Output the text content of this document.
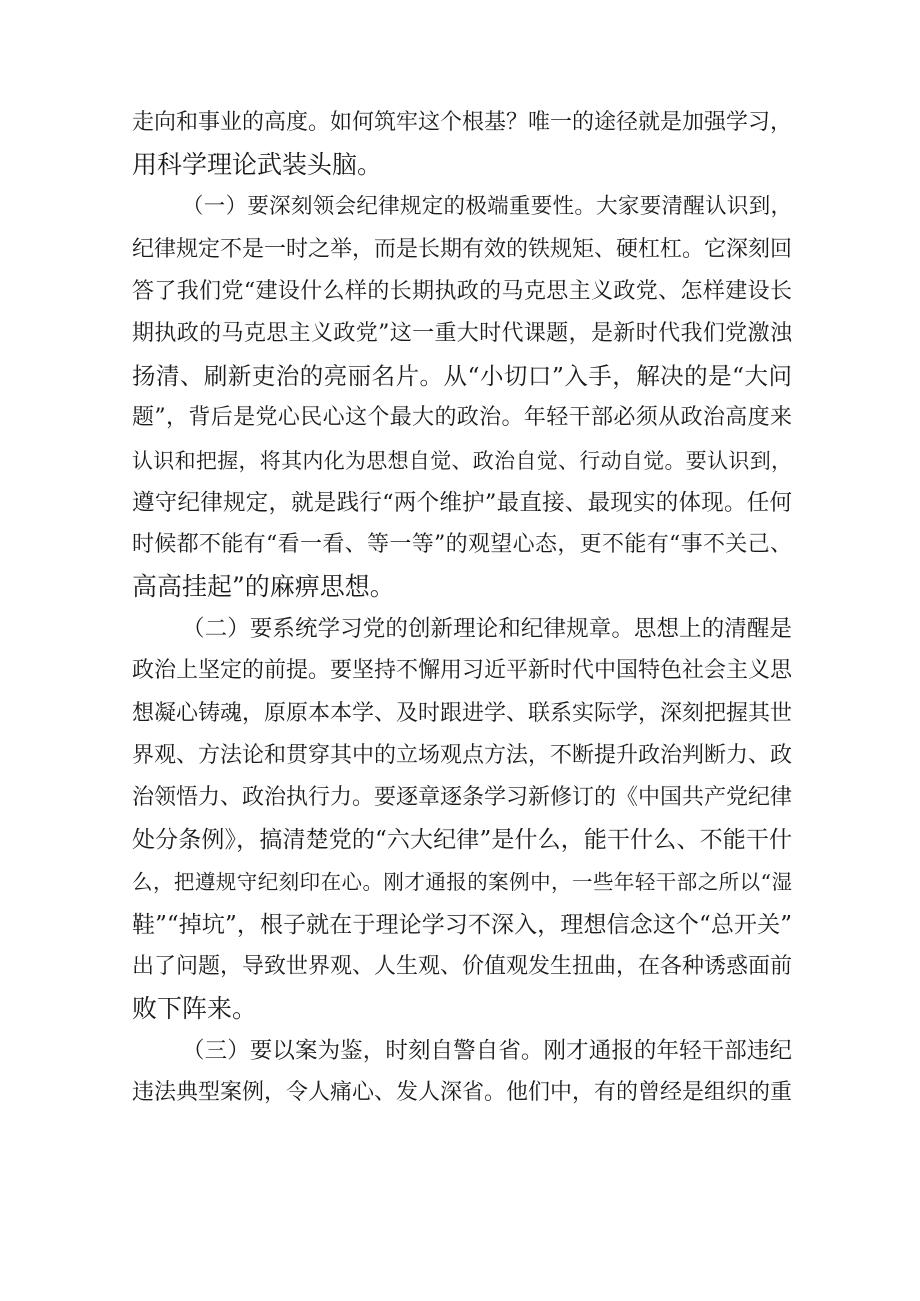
走向和事业的高度。如何筑牢这个根基？唯一的途径就是加强学习，
用科学理论武装头脑。
（一）要深刻领会纪律规定的极端重要性。大家要清醒认识到，
纪律规定不是一时之举，而是长期有效的铁规矩、硬杠杠。它深刻回
答了我们党“建设什么样的长期执政的马克思主义政党、怎样建设长
期执政的马克思主义政党”这一重大时代课题，是新时代我们党激浊
扬清、刷新吏治的亮丽名片。从“小切口”入手，解决的是“大问
题”，背后是党心民心这个最大的政治。年轻干部必须从政治高度来
认识和把握，将其内化为思想自觉、政治自觉、行动自觉。要认识到，
遵守纪律规定，就是践行“两个维护”最直接、最现实的体现。任何
时候都不能有“看一看、等一等”的观望心态，更不能有“事不关己、
高高挂起”的麻痹思想。
（二）要系统学习党的创新理论和纪律规章。思想上的清醒是
政治上坚定的前提。要坚持不懈用习近平新时代中国特色社会主义思
想凝心铸魂，原原本本学、及时跟进学、联系实际学，深刻把握其世
界观、方法论和贯穿其中的立场观点方法，不断提升政治判断力、政
治领悟力、政治执行力。要逐章逐条学习新修订的《中国共产党纪律
处分条例》，搞清楚党的“六大纪律”是什么，能干什么、不能干什
么，把遵规守纪刻印在心。刚才通报的案例中，一些年轻干部之所以“湿
鞋”“掉坑”，根子就在于理论学习不深入，理想信念这个“总开关”
出了问题，导致世界观、人生观、价值观发生扭曲，在各种诱惑面前
败下阵来。
（三）要以案为鉴，时刻自警自省。刚才通报的年轻干部违纪
违法典型案例，令人痛心、发人深省。他们中，有的曾经是组织的重
